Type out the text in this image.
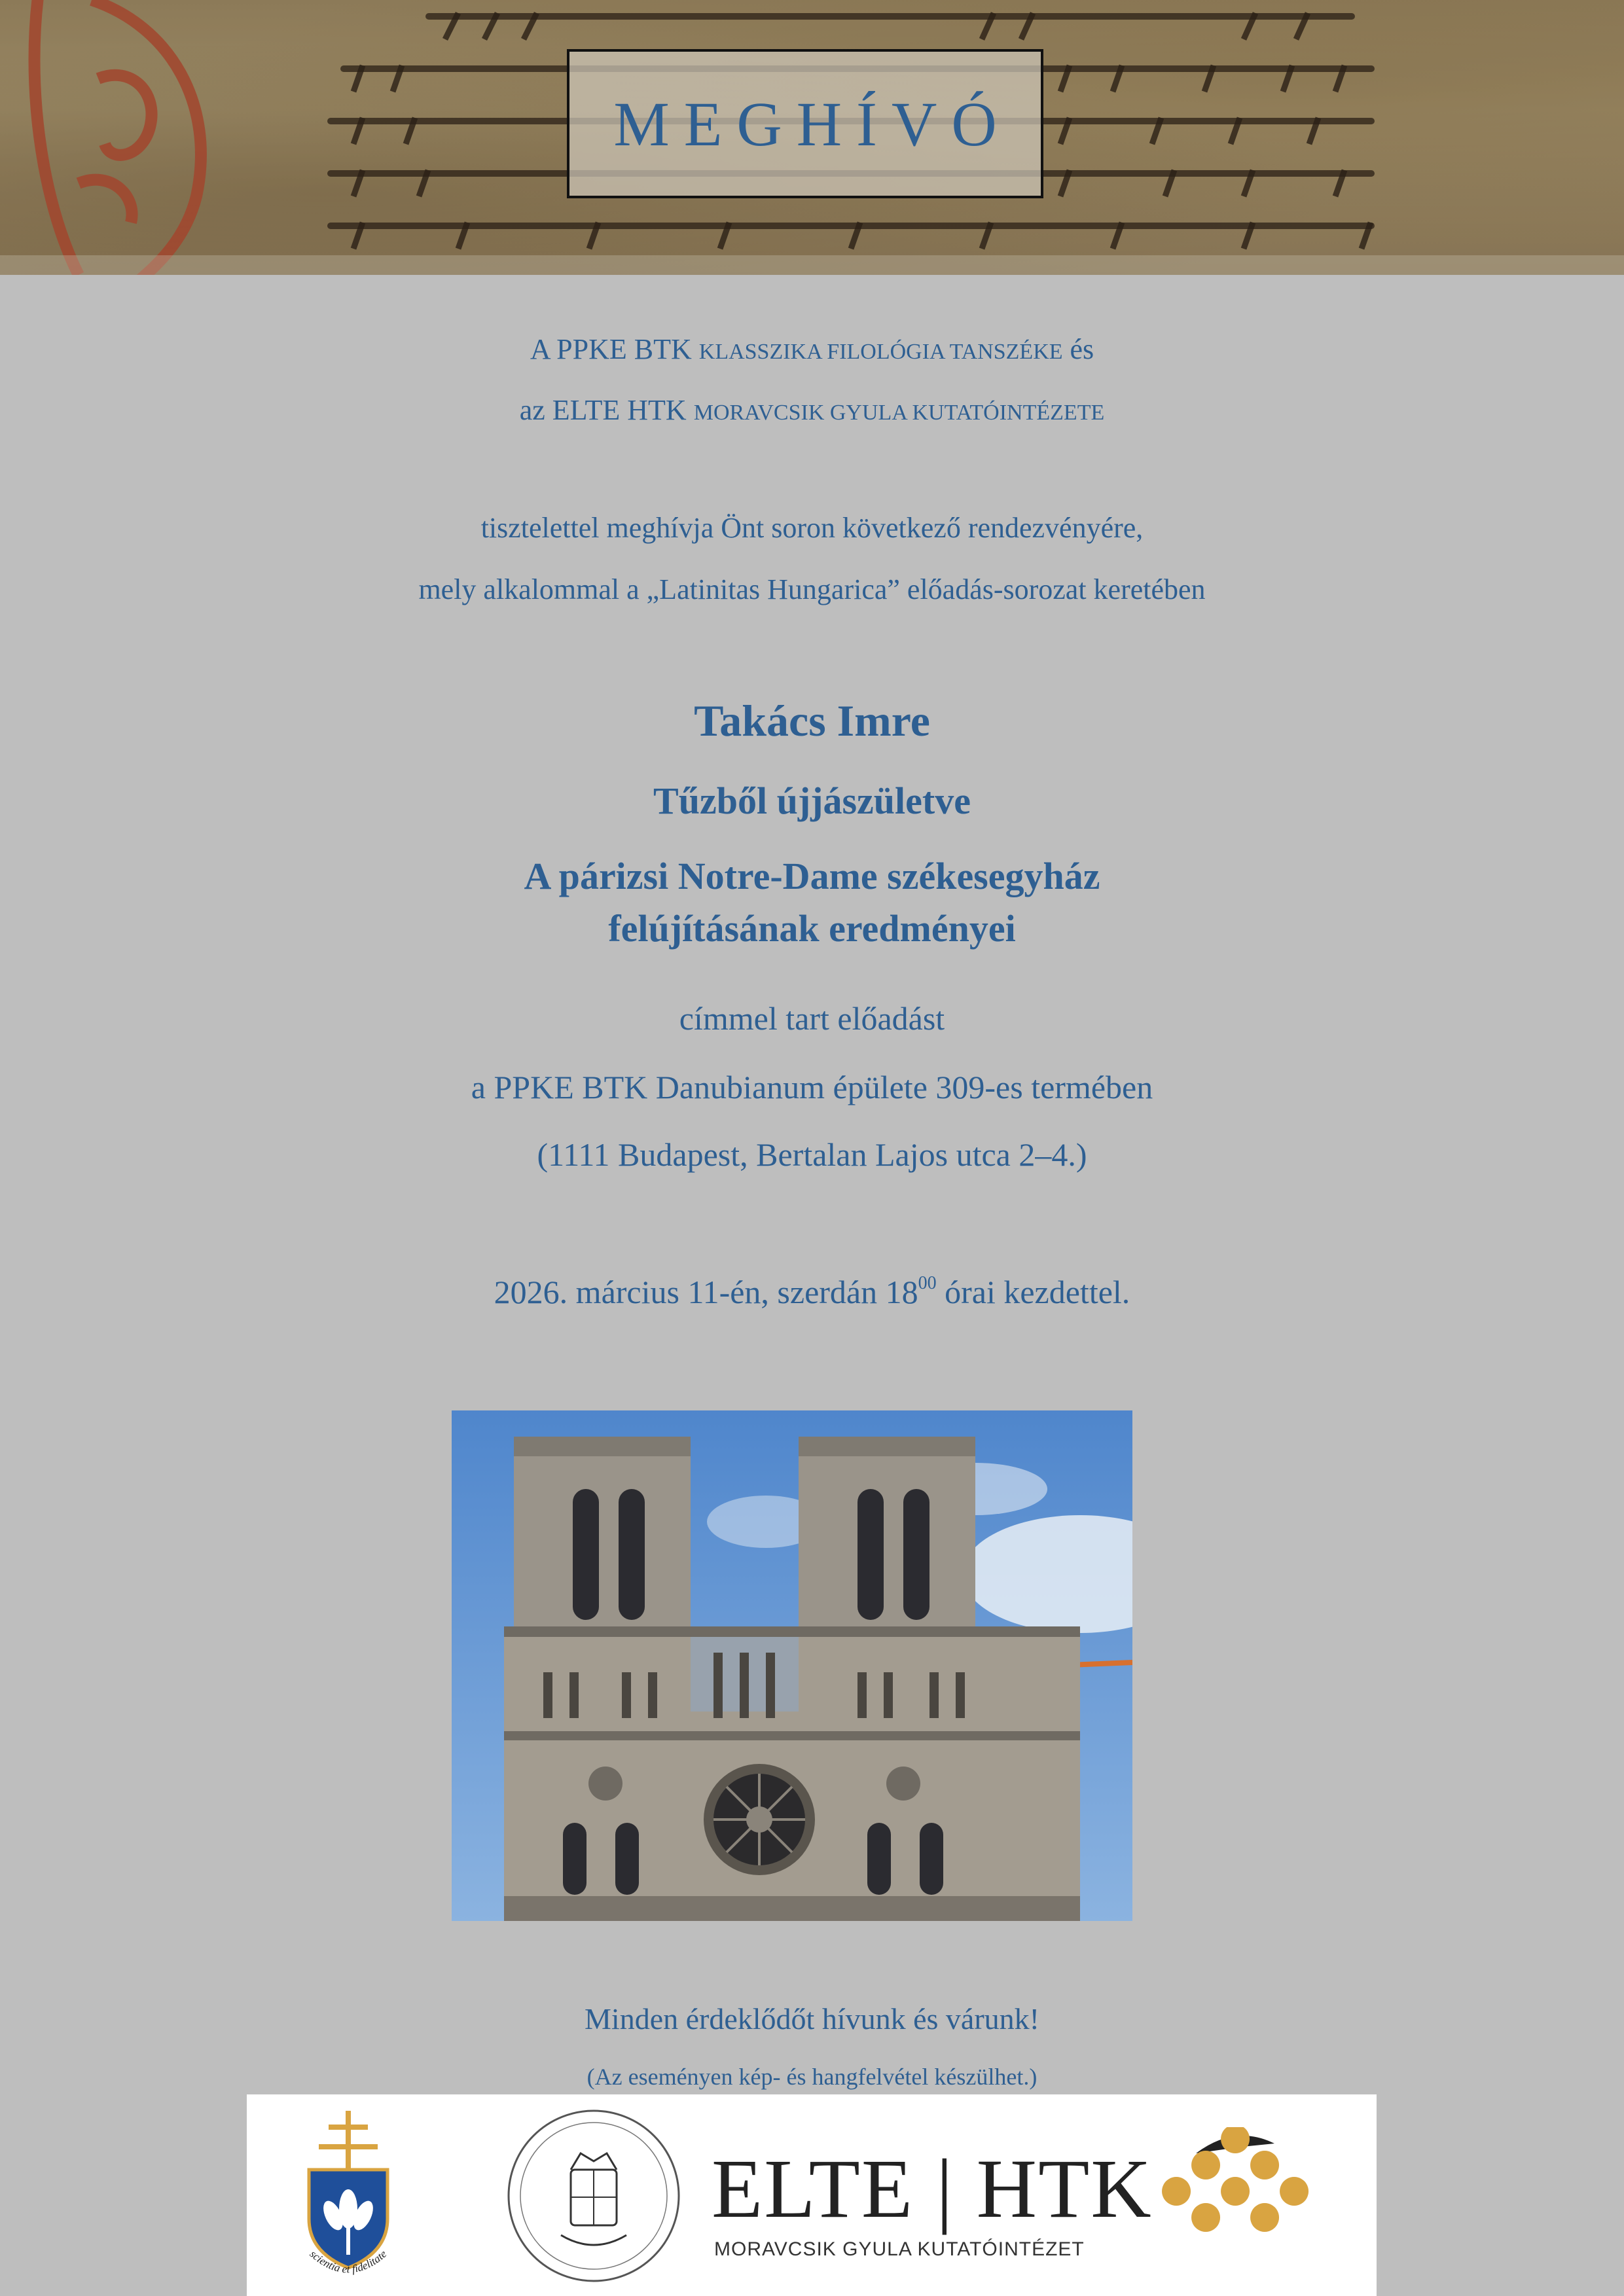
MEGHÍVÓ
A PPKE BTK KLASSZIKA FILOLÓGIA TANSZÉKE és
az ELTE HTK MORAVCSIK GYULA KUTATÓINTÉZETE
tisztelettel meghívja Önt soron következő rendezvényére,
mely alkalommal a „Latinitas Hungarica” előadás-sorozat keretében
Takács Imre
Tűzből újjászületve
A párizsi Notre-Dame székesegyház
felújításának eredményei
címmel tart előadást
a PPKE BTK Danubianum épülete 309-es termében
(1111 Budapest, Bertalan Lajos utca 2–4.)
2026. március 11-én, szerdán $18^{00}$ órai kezdettel.
Minden érdeklődőt hívunk és várunk!
(Az eseményen kép- és hangfelvétel készülhet.)
scientia et fidelitate
ELTE | HTK
MORAVCSIK GYULA KUTATÓINTÉZET
